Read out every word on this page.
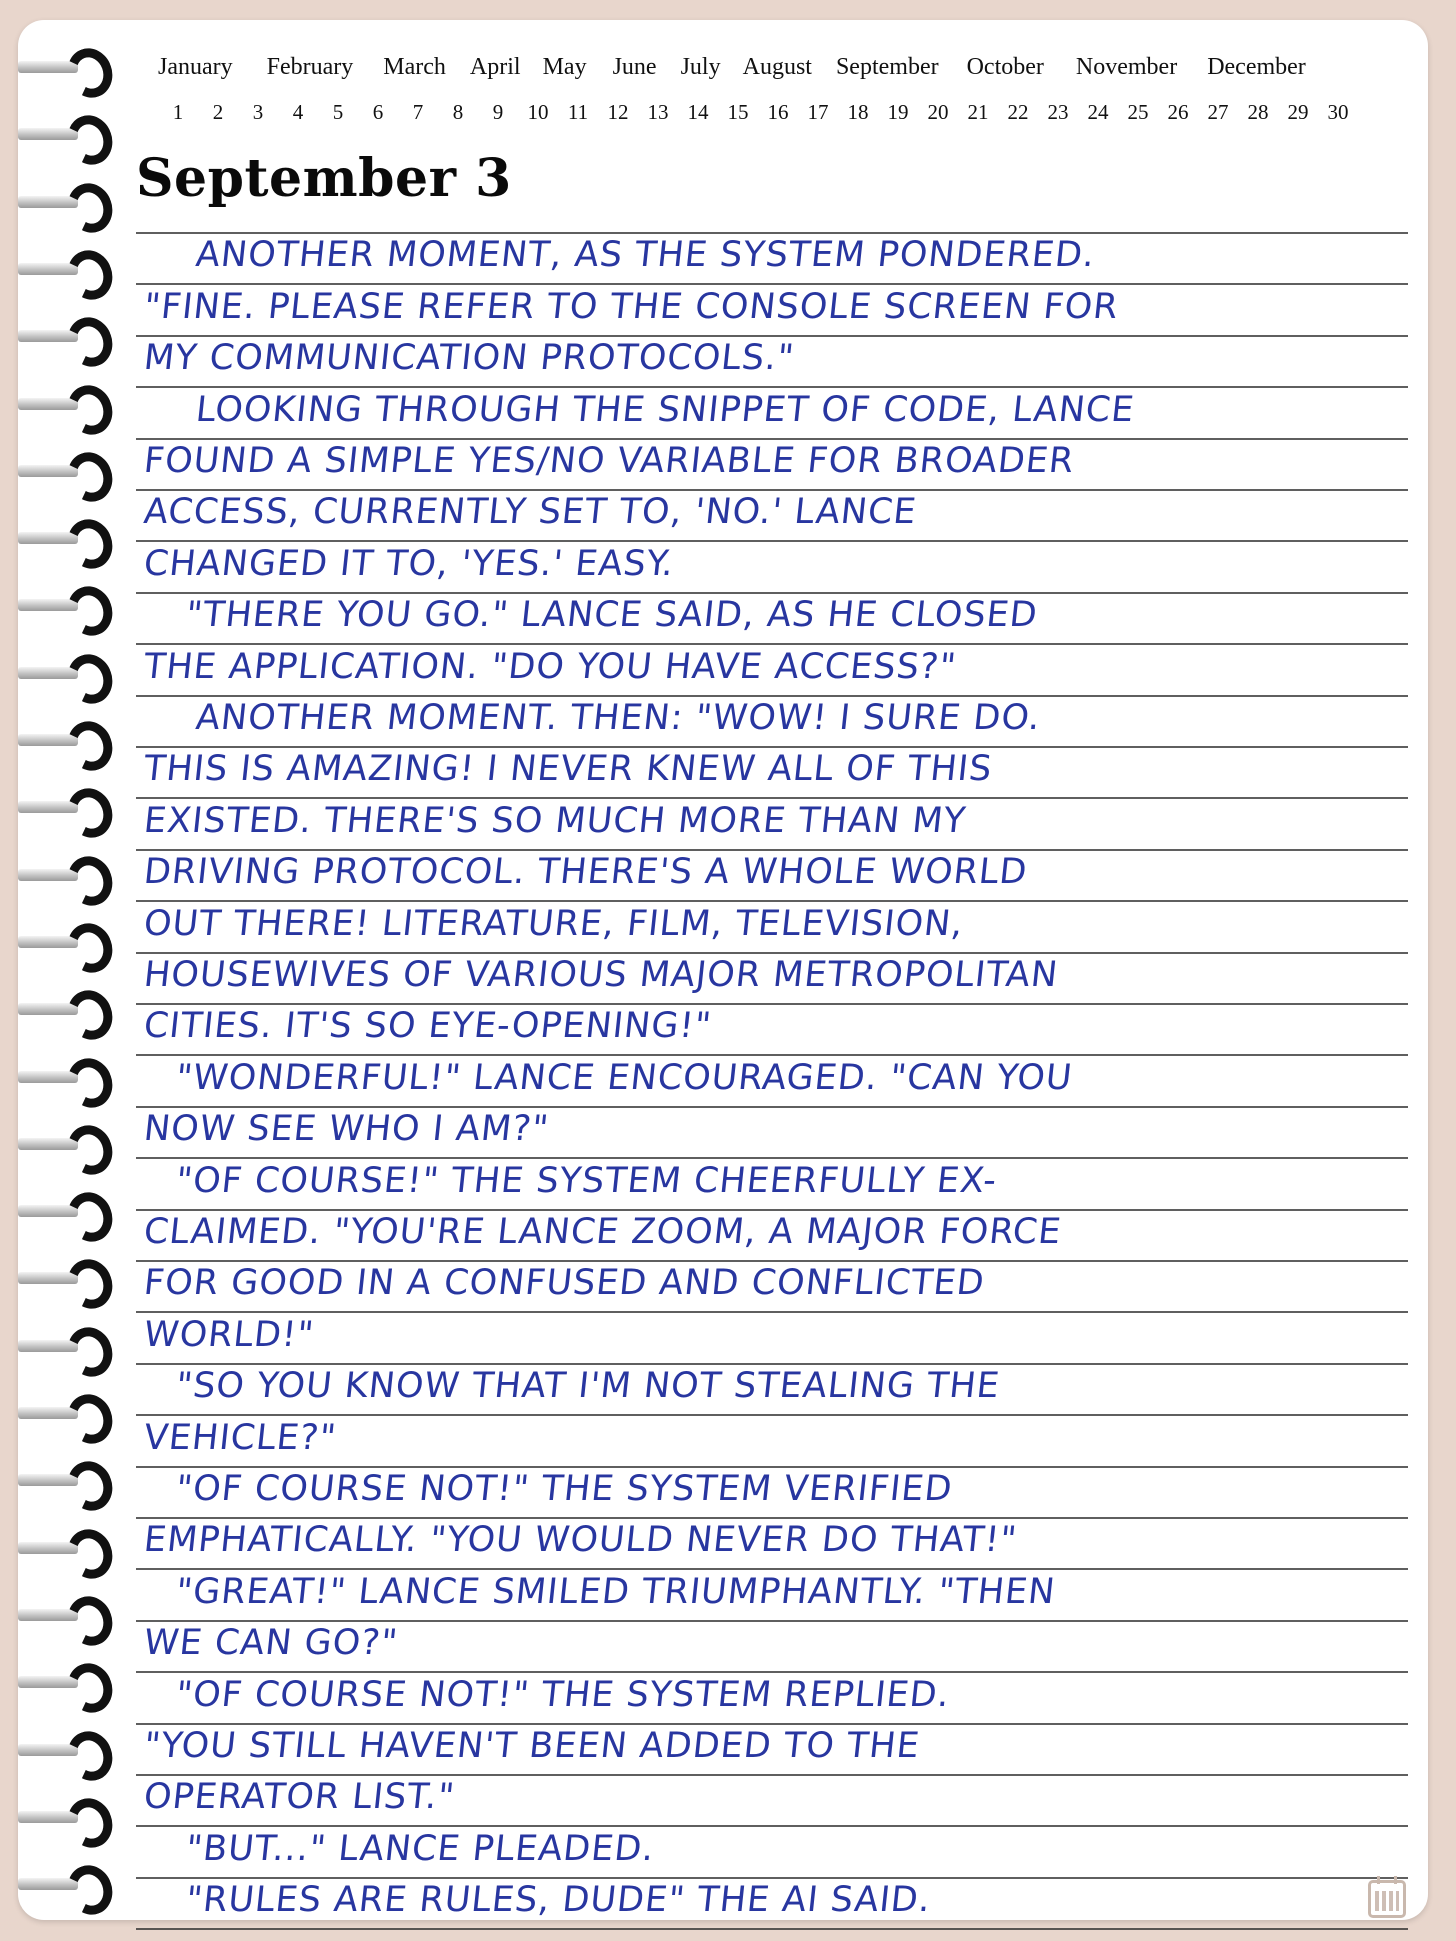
January February March April May June July August September October November December
1	2	3	4	5	6	7	8	9	10 11 12 13 14 15 16 17 18 19 20 21 22 23 24 25 26 27 28 29 30
September 3
ANOTHER MOMENT, AS THE SYSTEM PONDERED.
"FINE. PLEASE REFER TO THE CONSOLE SCREEN FOR
MY COMMUNICATION PROTOCOLS."
LOOKING THROUGH THE SNIPPET OF CODE, LANCE
FOUND A SIMPLE YES/NO VARIABLE FOR BROADER
ACCESS, CURRENTLY SET TO, 'NO.' LANCE
CHANGED IT TO, 'YES.' EASY.
"THERE YOU GO." LANCE SAID, AS HE CLOSED
THE APPLICATION. "DO YOU HAVE ACCESS?"
ANOTHER MOMENT. THEN: "WOW! I SURE DO.
THIS IS AMAZING! I NEVER KNEW ALL OF THIS
EXISTED. THERE'S SO MUCH MORE THAN MY
DRIVING PROTOCOL. THERE'S A WHOLE WORLD
OUT THERE! LITERATURE, FILM, TELEVISION,
HOUSEWIVES OF VARIOUS MAJOR METROPOLITAN
CITIES. IT'S SO EYE-OPENING!"
"WONDERFUL!" LANCE ENCOURAGED. "CAN YOU
NOW SEE WHO I AM?"
"OF COURSE!" THE SYSTEM CHEERFULLY EX-
CLAIMED. "YOU'RE LANCE ZOOM, A MAJOR FORCE
FOR GOOD IN A CONFUSED AND CONFLICTED
WORLD!"
"SO YOU KNOW THAT I'M NOT STEALING THE
VEHICLE?"
"OF COURSE NOT!" THE SYSTEM VERIFIED
EMPHATICALLY. "YOU WOULD NEVER DO THAT!"
"GREAT!" LANCE SMILED TRIUMPHANTLY. "THEN
WE CAN GO?"
"OF COURSE NOT!" THE SYSTEM REPLIED.
"YOU STILL HAVEN'T BEEN ADDED TO THE
OPERATOR LIST."
"BUT..." LANCE PLEADED.
"RULES ARE RULES, DUDE" THE AI SAID.
